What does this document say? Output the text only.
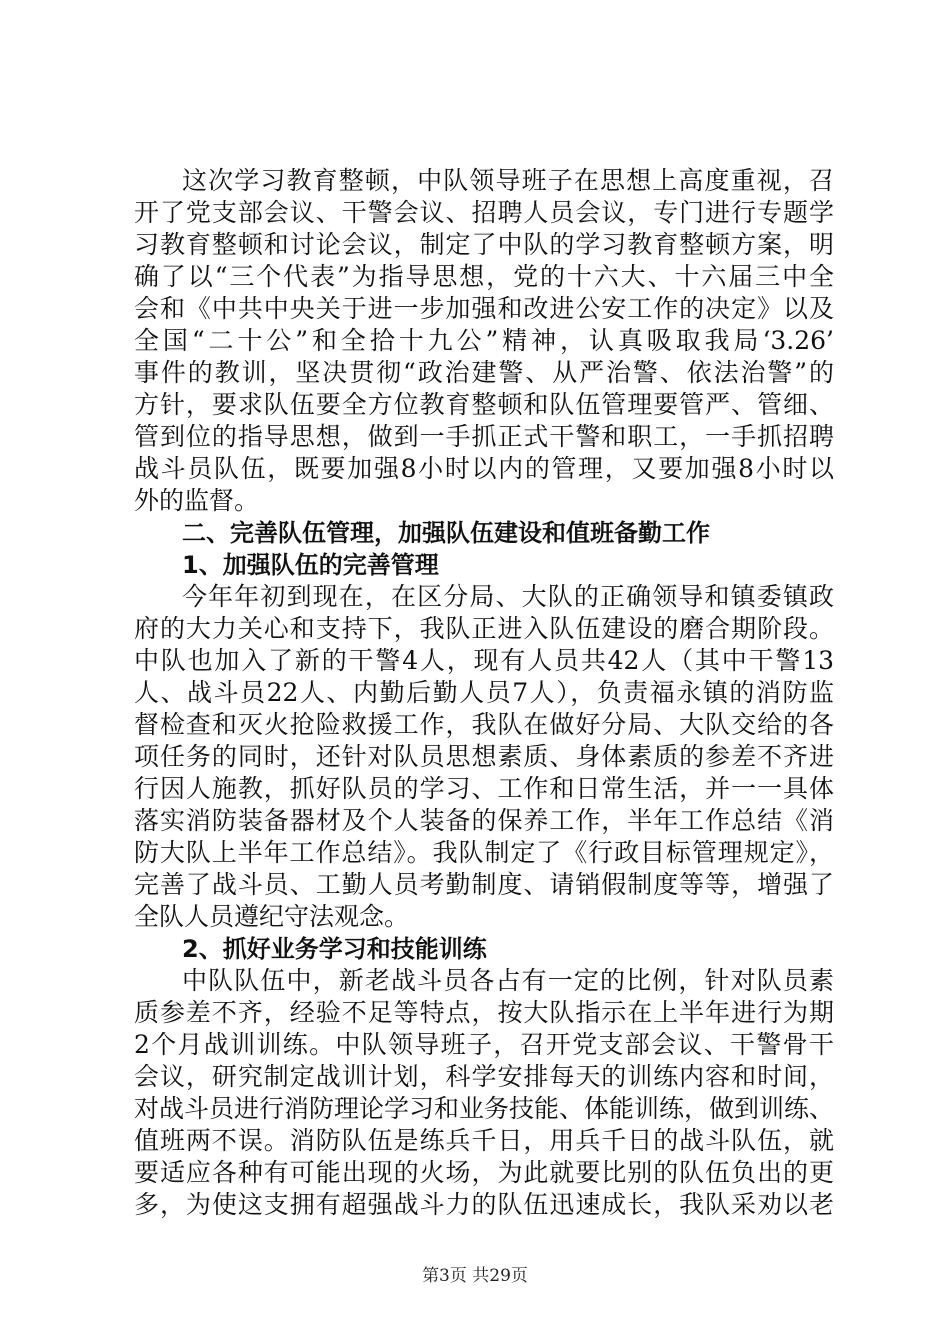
这次学习教育整顿，中队领导班子在思想上高度重视，召
开了党支部会议、干警会议、招聘人员会议，专门进行专题学
习教育整顿和讨论会议，制定了中队的学习教育整顿方案，明
确了以“三个代表”为指导思想，党的十六大、十六届三中全
会和《中共中央关于进一步加强和改进公安工作的决定》以及
全国“二十公”和全拾十九公”精神，认真吸取我局‘3.26’
事件的教训，坚决贯彻“政治建警、从严治警、依法治警”的
方针，要求队伍要全方位教育整顿和队伍管理要管严、管细、
管到位的指导思想，做到一手抓正式干警和职工，一手抓招聘
战斗员队伍，既要加强8小时以内的管理，又要加强8小时以
外的监督。
二、完善队伍管理，加强队伍建设和值班备勤工作
1、加强队伍的完善管理
今年年初到现在，在区分局、大队的正确领导和镇委镇政
府的大力关心和支持下，我队正进入队伍建设的磨合期阶段。
中队也加入了新的干警4人，现有人员共42人（其中干警13
人、战斗员22人、内勤后勤人员7人），负责福永镇的消防监
督检查和灭火抢险救援工作，我队在做好分局、大队交给的各
项任务的同时，还针对队员思想素质、身体素质的参差不齐进
行因人施教，抓好队员的学习、工作和日常生活，并一一具体
落实消防装备器材及个人装备的保养工作，半年工作总结《消
防大队上半年工作总结》。我队制定了《行政目标管理规定》，
完善了战斗员、工勤人员考勤制度、请销假制度等等，增强了
全队人员遵纪守法观念。
2、抓好业务学习和技能训练
中队队伍中，新老战斗员各占有一定的比例，针对队员素
质参差不齐，经验不足等特点，按大队指示在上半年进行为期
2个月战训训练。中队领导班子，召开党支部会议、干警骨干
会议，研究制定战训计划，科学安排每天的训练内容和时间，
对战斗员进行消防理论学习和业务技能、体能训练，做到训练、
值班两不误。消防队伍是练兵千日，用兵千日的战斗队伍，就
要适应各种有可能出现的火场，为此就要比别的队伍负出的更
多，为使这支拥有超强战斗力的队伍迅速成长，我队采劝以老
第3页 共29页
